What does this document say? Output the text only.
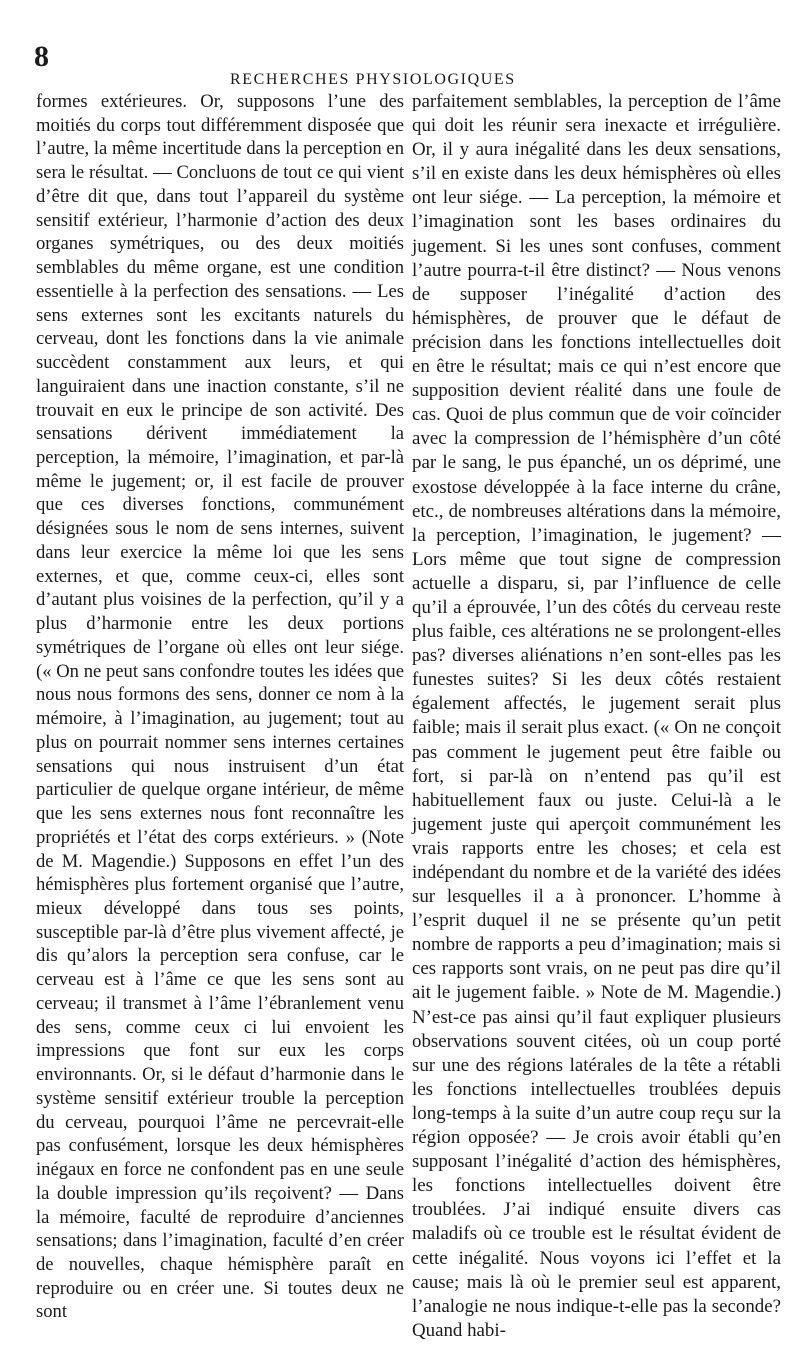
8
RECHERCHES PHYSIOLOGIQUES

formes extérieures. Or, supposons l’une des moitiés du corps tout différemment disposée que l’autre, la même incertitude dans la perception en sera le résultat. — Concluons de tout ce qui vient d’être dit que, dans tout l’appareil du système sensitif extérieur, l’harmonie d’action des deux organes symétriques, ou des deux moitiés semblables du même organe, est une condition essentielle à la perfection des sensations. — Les sens externes sont les excitants naturels du cerveau, dont les fonctions dans la vie animale succèdent constamment aux leurs, et qui languiraient dans une inaction constante, s’il ne trouvait en eux le principe de son activité. Des sensations dérivent immédiatement la perception, la mémoire, l’imagination, et par-là même le jugement; or, il est facile de prouver que ces diverses fonctions, communément désignées sous le nom de sens internes, suivent dans leur exercice la même loi que les sens externes, et que, comme ceux-ci, elles sont d’autant plus voisines de la perfection, qu’il y a plus d’harmonie entre les deux portions symétriques de l’organe où elles ont leur siége. (« On ne peut sans confondre toutes les idées que nous nous formons des sens, donner ce nom à la mémoire, à l’imagination, au jugement; tout au plus on pourrait nommer sens internes certaines sensations qui nous instruisent d’un état particulier de quelque organe intérieur, de même que les sens externes nous font reconnaître les propriétés et l’état des corps extérieurs. » (Note de M. Magendie.) Supposons en effet l’un des hémisphères plus fortement organisé que l’autre, mieux développé dans tous ses points, susceptible par-là d’être plus vivement affecté, je dis qu’alors la perception sera confuse, car le cerveau est à l’âme ce que les sens sont au cerveau; il transmet à l’âme l’ébranlement venu des sens, comme ceux ci lui envoient les impressions que font sur eux les corps environnants. Or, si le défaut d’harmonie dans le système sensitif extérieur trouble la perception du cerveau, pourquoi l’âme ne percevrait-elle pas confusément, lorsque les deux hémisphères inégaux en force ne confondent pas en une seule la double impression qu’ils reçoivent? — Dans la mémoire, faculté de reproduire d’anciennes sensations; dans l’imagination, faculté d’en créer de nouvelles, chaque hémisphère paraît en reproduire ou en créer une. Si toutes deux ne sont

parfaitement semblables, la perception de l’âme qui doit les réunir sera inexacte et irrégulière. Or, il y aura inégalité dans les deux sensations, s’il en existe dans les deux hémisphères où elles ont leur siége. — La perception, la mémoire et l’imagination sont les bases ordinaires du jugement. Si les unes sont confuses, comment l’autre pourra-t-il être distinct? — Nous venons de supposer l’inégalité d’action des hémisphères, de prouver que le défaut de précision dans les fonctions intellectuelles doit en être le résultat; mais ce qui n’est encore que supposition devient réalité dans une foule de cas. Quoi de plus commun que de voir coïncider avec la compression de l’hémisphère d’un côté par le sang, le pus épanché, un os déprimé, une exostose développée à la face interne du crâne, etc., de nombreuses altérations dans la mémoire, la perception, l’imagination, le jugement? — Lors même que tout signe de compression actuelle a disparu, si, par l’influence de celle qu’il a éprouvée, l’un des côtés du cerveau reste plus faible, ces altérations ne se prolongent-elles pas? diverses aliénations n’en sont-elles pas les funestes suites? Si les deux côtés restaient également affectés, le jugement serait plus faible; mais il serait plus exact. (« On ne conçoit pas comment le jugement peut être faible ou fort, si par-là on n’entend pas qu’il est habituellement faux ou juste. Celui-là a le jugement juste qui aperçoit communément les vrais rapports entre les choses; et cela est indépendant du nombre et de la variété des idées sur lesquelles il a à prononcer. L’homme à l’esprit duquel il ne se présente qu’un petit nombre de rapports a peu d’imagination; mais si ces rapports sont vrais, on ne peut pas dire qu’il ait le jugement faible. » Note de M. Magendie.) N’est-ce pas ainsi qu’il faut expliquer plusieurs observations souvent citées, où un coup porté sur une des régions latérales de la tête a rétabli les fonctions intellectuelles troublées depuis long-temps à la suite d’un autre coup reçu sur la région opposée? — Je crois avoir établi qu’en supposant l’inégalité d’action des hémisphères, les fonctions intellectuelles doivent être troublées. J’ai indiqué ensuite divers cas maladifs où ce trouble est le résultat évident de cette inégalité. Nous voyons ici l’effet et la cause; mais là où le premier seul est apparent, l’analogie ne nous indique-t-elle pas la seconde? Quand habi-
